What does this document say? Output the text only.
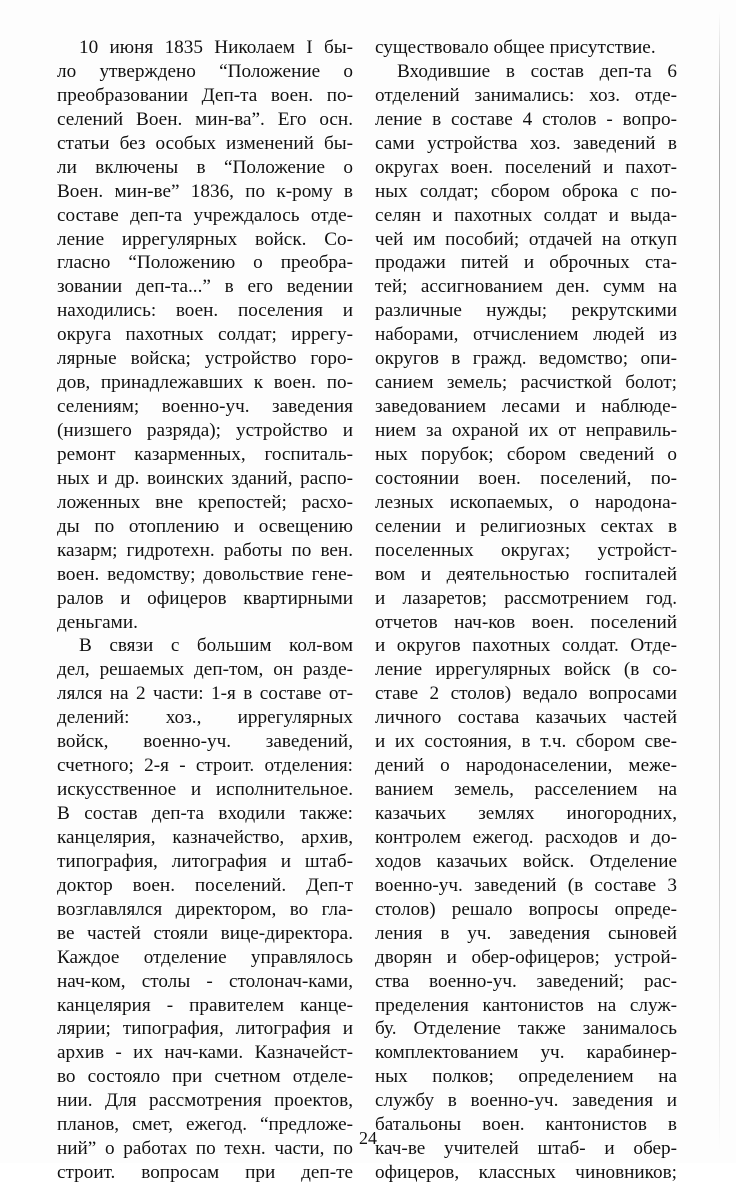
10 июня 1835 Николаем I бы-
ло утверждено “Положение о
преобразовании Деп-та воен. по-
селений Воен. мин-ва”. Его осн.
статьи без особых изменений бы-
ли включены в “Положение о
Воен. мин-ве” 1836, по к-рому в
составе деп-та учреждалось отде-
ление иррегулярных войск. Со-
гласно “Положению о преобра-
зовании деп-та...” в его ведении
находились: воен. поселения и
округа пахотных солдат; иррегу-
лярные войска; устройство горо-
дов, принадлежавших к воен. по-
селениям; военно-уч. заведения
(низшего разряда); устройство и
ремонт казарменных, госпиталь-
ных и др. воинских зданий, распо-
ложенных вне крепостей; расхо-
ды по отоплению и освещению
казарм; гидротехн. работы по вен.
воен. ведомству; довольствие гене-
ралов и офицеров квартирными
деньгами.
В связи с большим кол-вом
дел, решаемых деп-том, он разде-
лялся на 2 части: 1-я в составе от-
делений: хоз., иррегулярных
войск, военно-уч. заведений,
счетного; 2-я - строит. отделения:
искусственное и исполнительное.
В состав деп-та входили также:
канцелярия, казначейство, архив,
типография, литография и штаб-
доктор воен. поселений. Деп-т
возглавлялся директором, во гла-
ве частей стояли вице-директора.
Каждое отделение управлялось
нач-ком, столы - столонач-ками,
канцелярия - правителем канце-
лярии; типография, литография и
архив - их нач-ками. Казначейст-
во состояло при счетном отделе-
нии. Для рассмотрения проектов,
планов, смет, ежегод. “предложе-
ний” о работах по техн. части, по
строит. вопросам при деп-те
существовало общее присутствие.
Входившие в состав деп-та 6
отделений занимались: хоз. отде-
ление в составе 4 столов - вопро-
сами устройства хоз. заведений в
округах воен. поселений и пахот-
ных солдат; сбором оброка с по-
селян и пахотных солдат и выда-
чей им пособий; отдачей на откуп
продажи питей и оброчных ста-
тей; ассигнованием ден. сумм на
различные нужды; рекрутскими
наборами, отчислением людей из
округов в гражд. ведомство; опи-
санием земель; расчисткой болот;
заведованием лесами и наблюде-
нием за охраной их от неправиль-
ных порубок; сбором сведений о
состоянии воен. поселений, по-
лезных ископаемых, о народона-
селении и религиозных сектах в
поселенных округах; устройст-
вом и деятельностью госпиталей
и лазаретов; рассмотрением год.
отчетов нач-ков воен. поселений
и округов пахотных солдат. Отде-
ление иррегулярных войск (в со-
ставе 2 столов) ведало вопросами
личного состава казачьих частей
и их состояния, в т.ч. сбором све-
дений о народонаселении, меже-
ванием земель, расселением на
казачьих землях иногородних,
контролем ежегод. расходов и до-
ходов казачьих войск. Отделение
военно-уч. заведений (в составе 3
столов) решало вопросы опреде-
ления в уч. заведения сыновей
дворян и обер-офицеров; устрой-
ства военно-уч. заведений; рас-
пределения кантонистов на служ-
бу. Отделение также занималось
комплектованием уч. карабинер-
ных полков; определением на
службу в военно-уч. заведения и
батальоны воен. кантонистов в
кач-ве учителей штаб- и обер-
офицеров, классных чиновников;
24
